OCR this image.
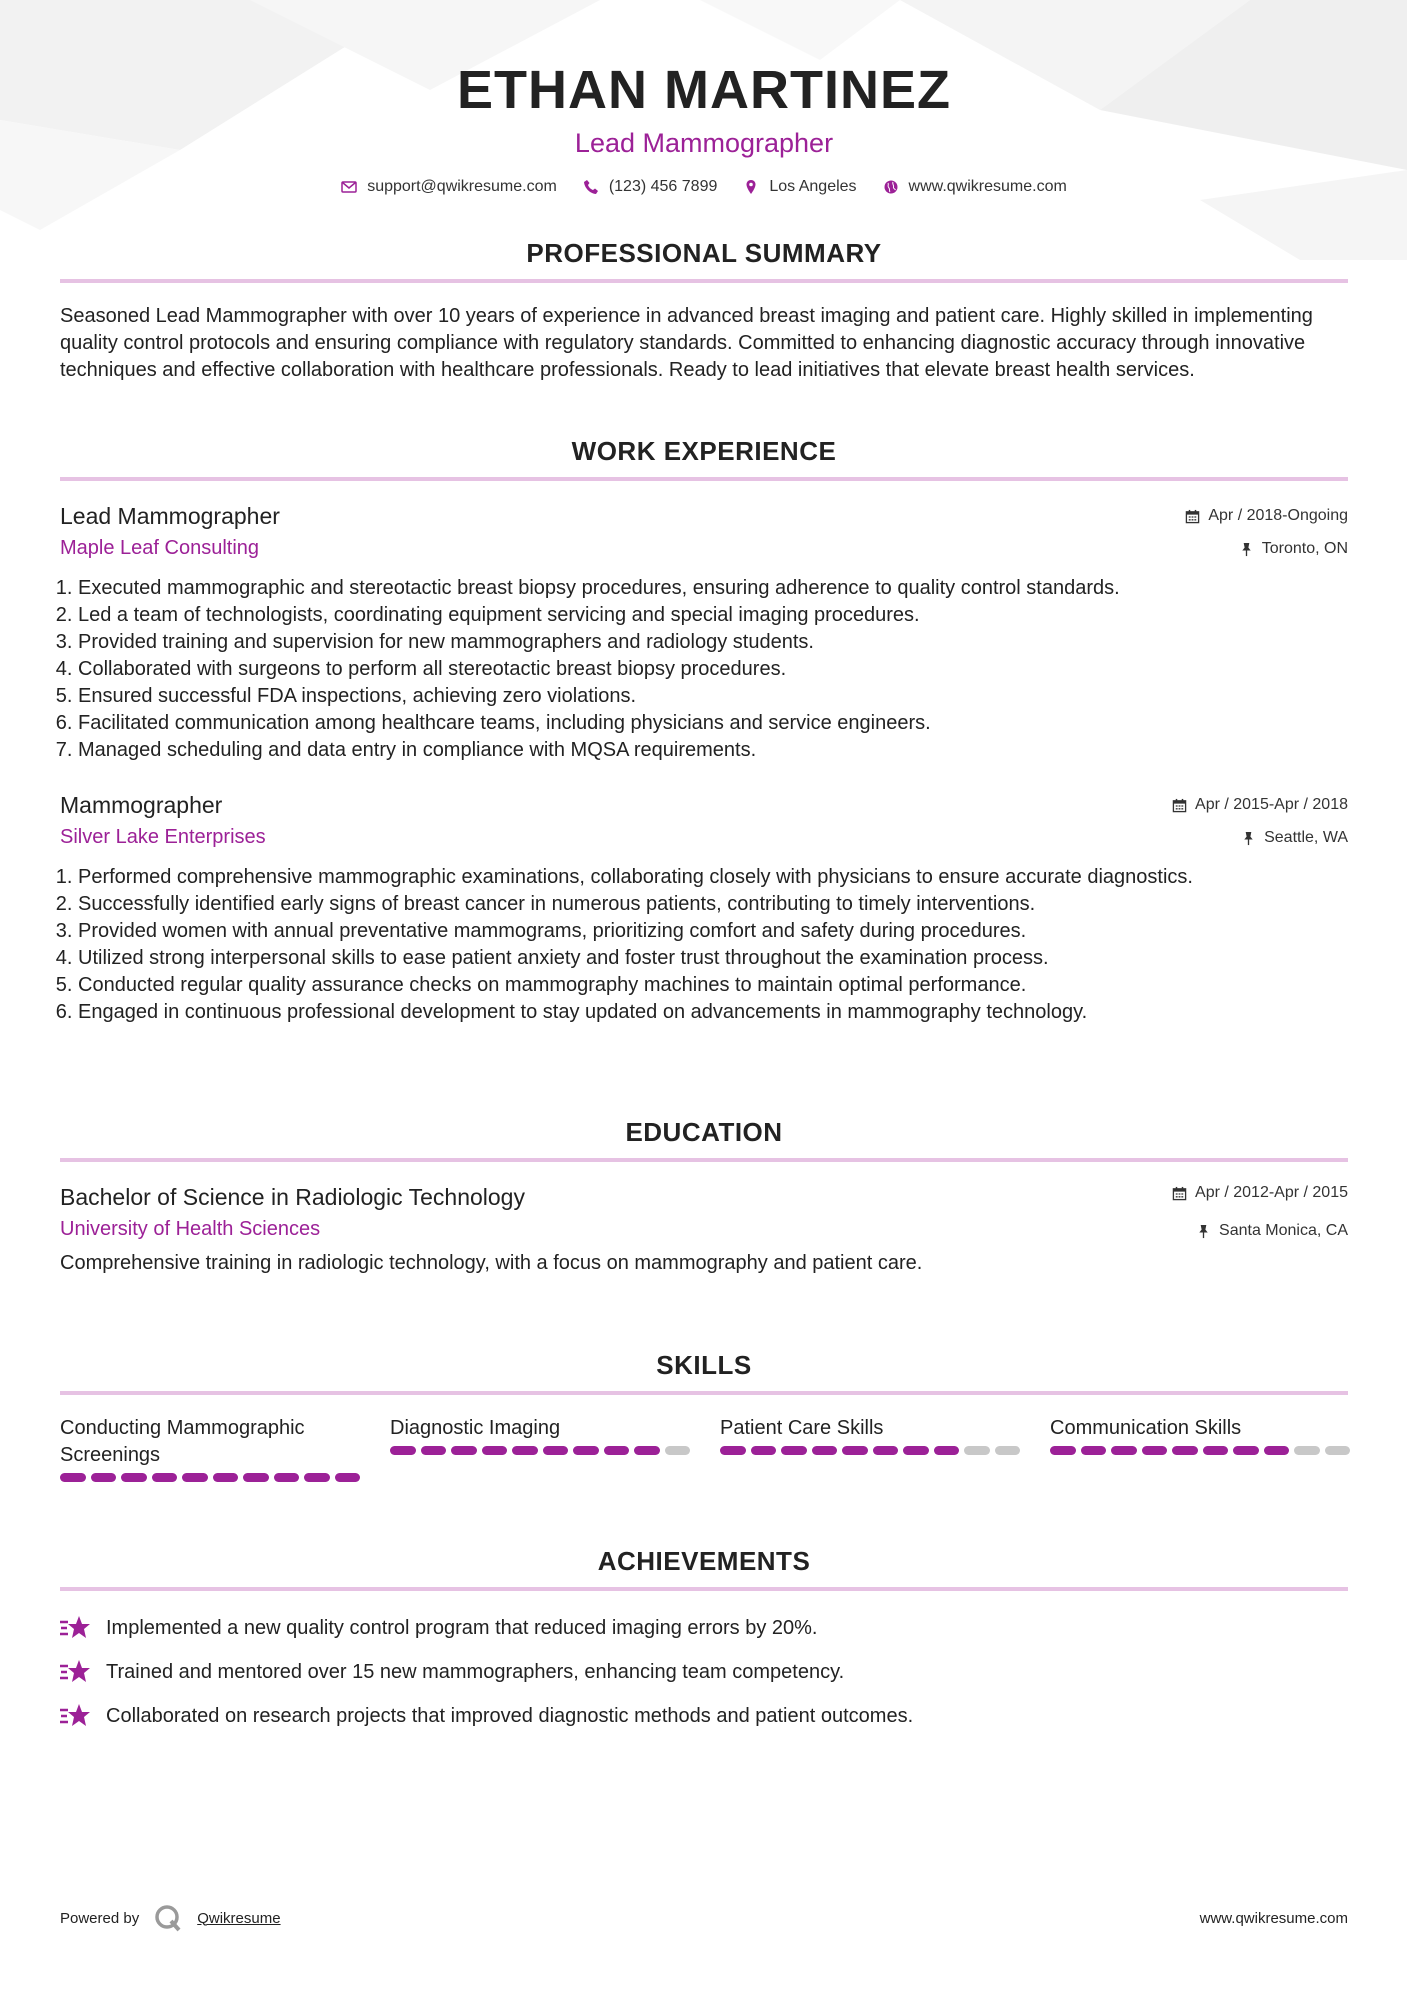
ETHAN MARTINEZ
Lead Mammographer
support@qwikresume.com	(123) 456 7899	Los Angeles	www.qwikresume.com
PROFESSIONAL SUMMARY
Seasoned Lead Mammographer with over 10 years of experience in advanced breast imaging and patient care. Highly skilled in implementing quality control protocols and ensuring compliance with regulatory standards. Committed to enhancing diagnostic accuracy through innovative techniques and effective collaboration with healthcare professionals. Ready to lead initiatives that elevate breast health services.
WORK EXPERIENCE
Apr / 2018-Ongoing
Toronto, ON
Lead Mammographer
Maple Leaf Consulting
1. Executed mammographic and stereotactic breast biopsy procedures, ensuring adherence to quality control standards.
2. Led a team of technologists, coordinating equipment servicing and special imaging procedures.
3. Provided training and supervision for new mammographers and radiology students.
4. Collaborated with surgeons to perform all stereotactic breast biopsy procedures.
5. Ensured successful FDA inspections, achieving zero violations.
6. Facilitated communication among healthcare teams, including physicians and service engineers.
7. Managed scheduling and data entry in compliance with MQSA requirements.
Apr / 2015-Apr / 2018
Seattle, WA
Mammographer
Silver Lake Enterprises
1. Performed comprehensive mammographic examinations, collaborating closely with physicians to ensure accurate diagnostics.
2. Successfully identified early signs of breast cancer in numerous patients, contributing to timely interventions.
3. Provided women with annual preventative mammograms, prioritizing comfort and safety during procedures.
4. Utilized strong interpersonal skills to ease patient anxiety and foster trust throughout the examination process.
5. Conducted regular quality assurance checks on mammography machines to maintain optimal performance.
6. Engaged in continuous professional development to stay updated on advancements in mammography technology.
EDUCATION
Apr / 2012-Apr / 2015
Santa Monica, CA
Bachelor of Science in Radiologic Technology
University of Health Sciences
Comprehensive training in radiologic technology, with a focus on mammography and patient care.
SKILLS
Conducting Mammographic Screenings
Diagnostic Imaging	Patient Care Skills	Communication Skills
ACHIEVEMENTS
Implemented a new quality control program that reduced imaging errors by 20%.
Trained and mentored over 15 new mammographers, enhancing team competency.
Collaborated on research projects that improved diagnostic methods and patient outcomes.
Powered by	Qwikresume	www.qwikresume.com
